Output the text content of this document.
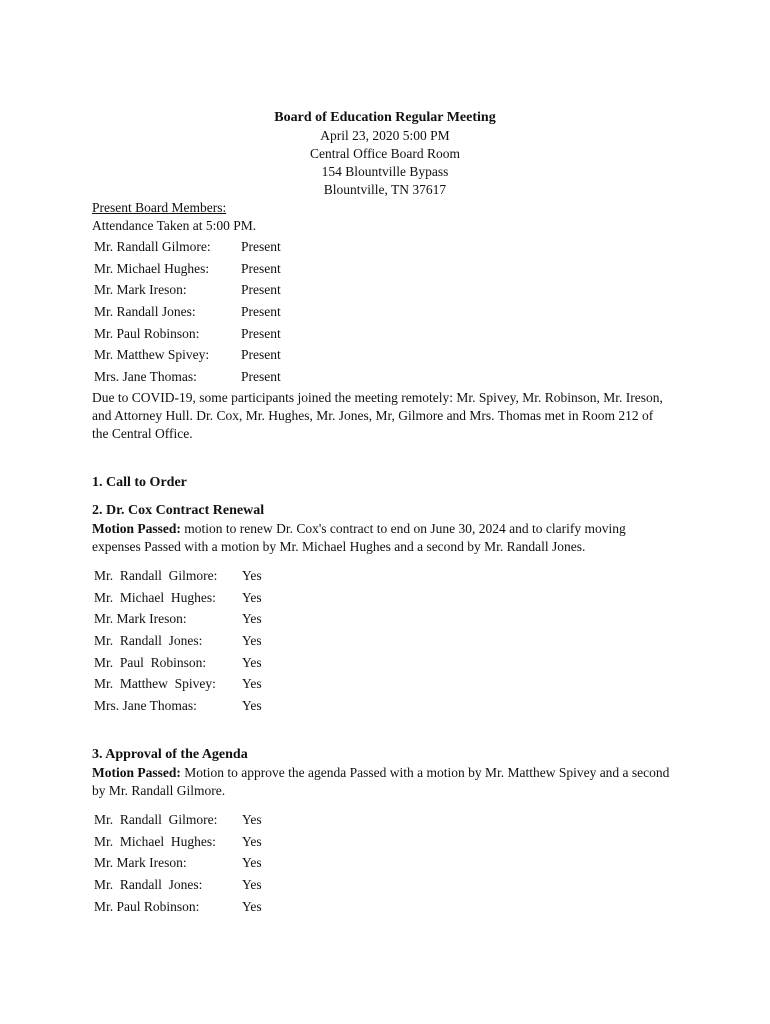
Board of Education Regular Meeting
April 23, 2020 5:00 PM
Central Office Board Room
154 Blountville Bypass
Blountville, TN 37617
Present Board Members:
Attendance Taken at 5:00 PM.
Mr. Randall Gilmore:	Present
Mr. Michael Hughes:	Present
Mr. Mark Ireson:	Present
Mr. Randall Jones:	Present
Mr. Paul Robinson:	Present
Mr. Matthew Spivey:	Present
Mrs. Jane Thomas:	Present
Due to COVID-19, some participants joined the meeting remotely: Mr. Spivey, Mr. Robinson, Mr. Ireson, and Attorney Hull. Dr. Cox, Mr. Hughes, Mr. Jones, Mr, Gilmore and Mrs. Thomas met in Room 212 of the Central Office.
1. Call to Order
2. Dr. Cox Contract Renewal
Motion Passed: motion to renew Dr. Cox's contract to end on June 30, 2024 and to clarify moving expenses Passed with a motion by Mr. Michael Hughes and a second by Mr. Randall Jones.
Mr.  Randall  Gilmore:	Yes
Mr.  Michael  Hughes:	Yes
Mr. Mark Ireson:	Yes
Mr.  Randall  Jones:	Yes
Mr.  Paul  Robinson:	Yes
Mr.  Matthew  Spivey:	Yes
Mrs. Jane Thomas:	Yes
3. Approval of the Agenda
Motion Passed: Motion to approve the agenda Passed with a motion by Mr. Matthew Spivey and a second by Mr. Randall Gilmore.
Mr.  Randall  Gilmore:	Yes
Mr.  Michael  Hughes:	Yes
Mr. Mark Ireson:	Yes
Mr.  Randall  Jones:	Yes
Mr. Paul Robinson:	Yes
